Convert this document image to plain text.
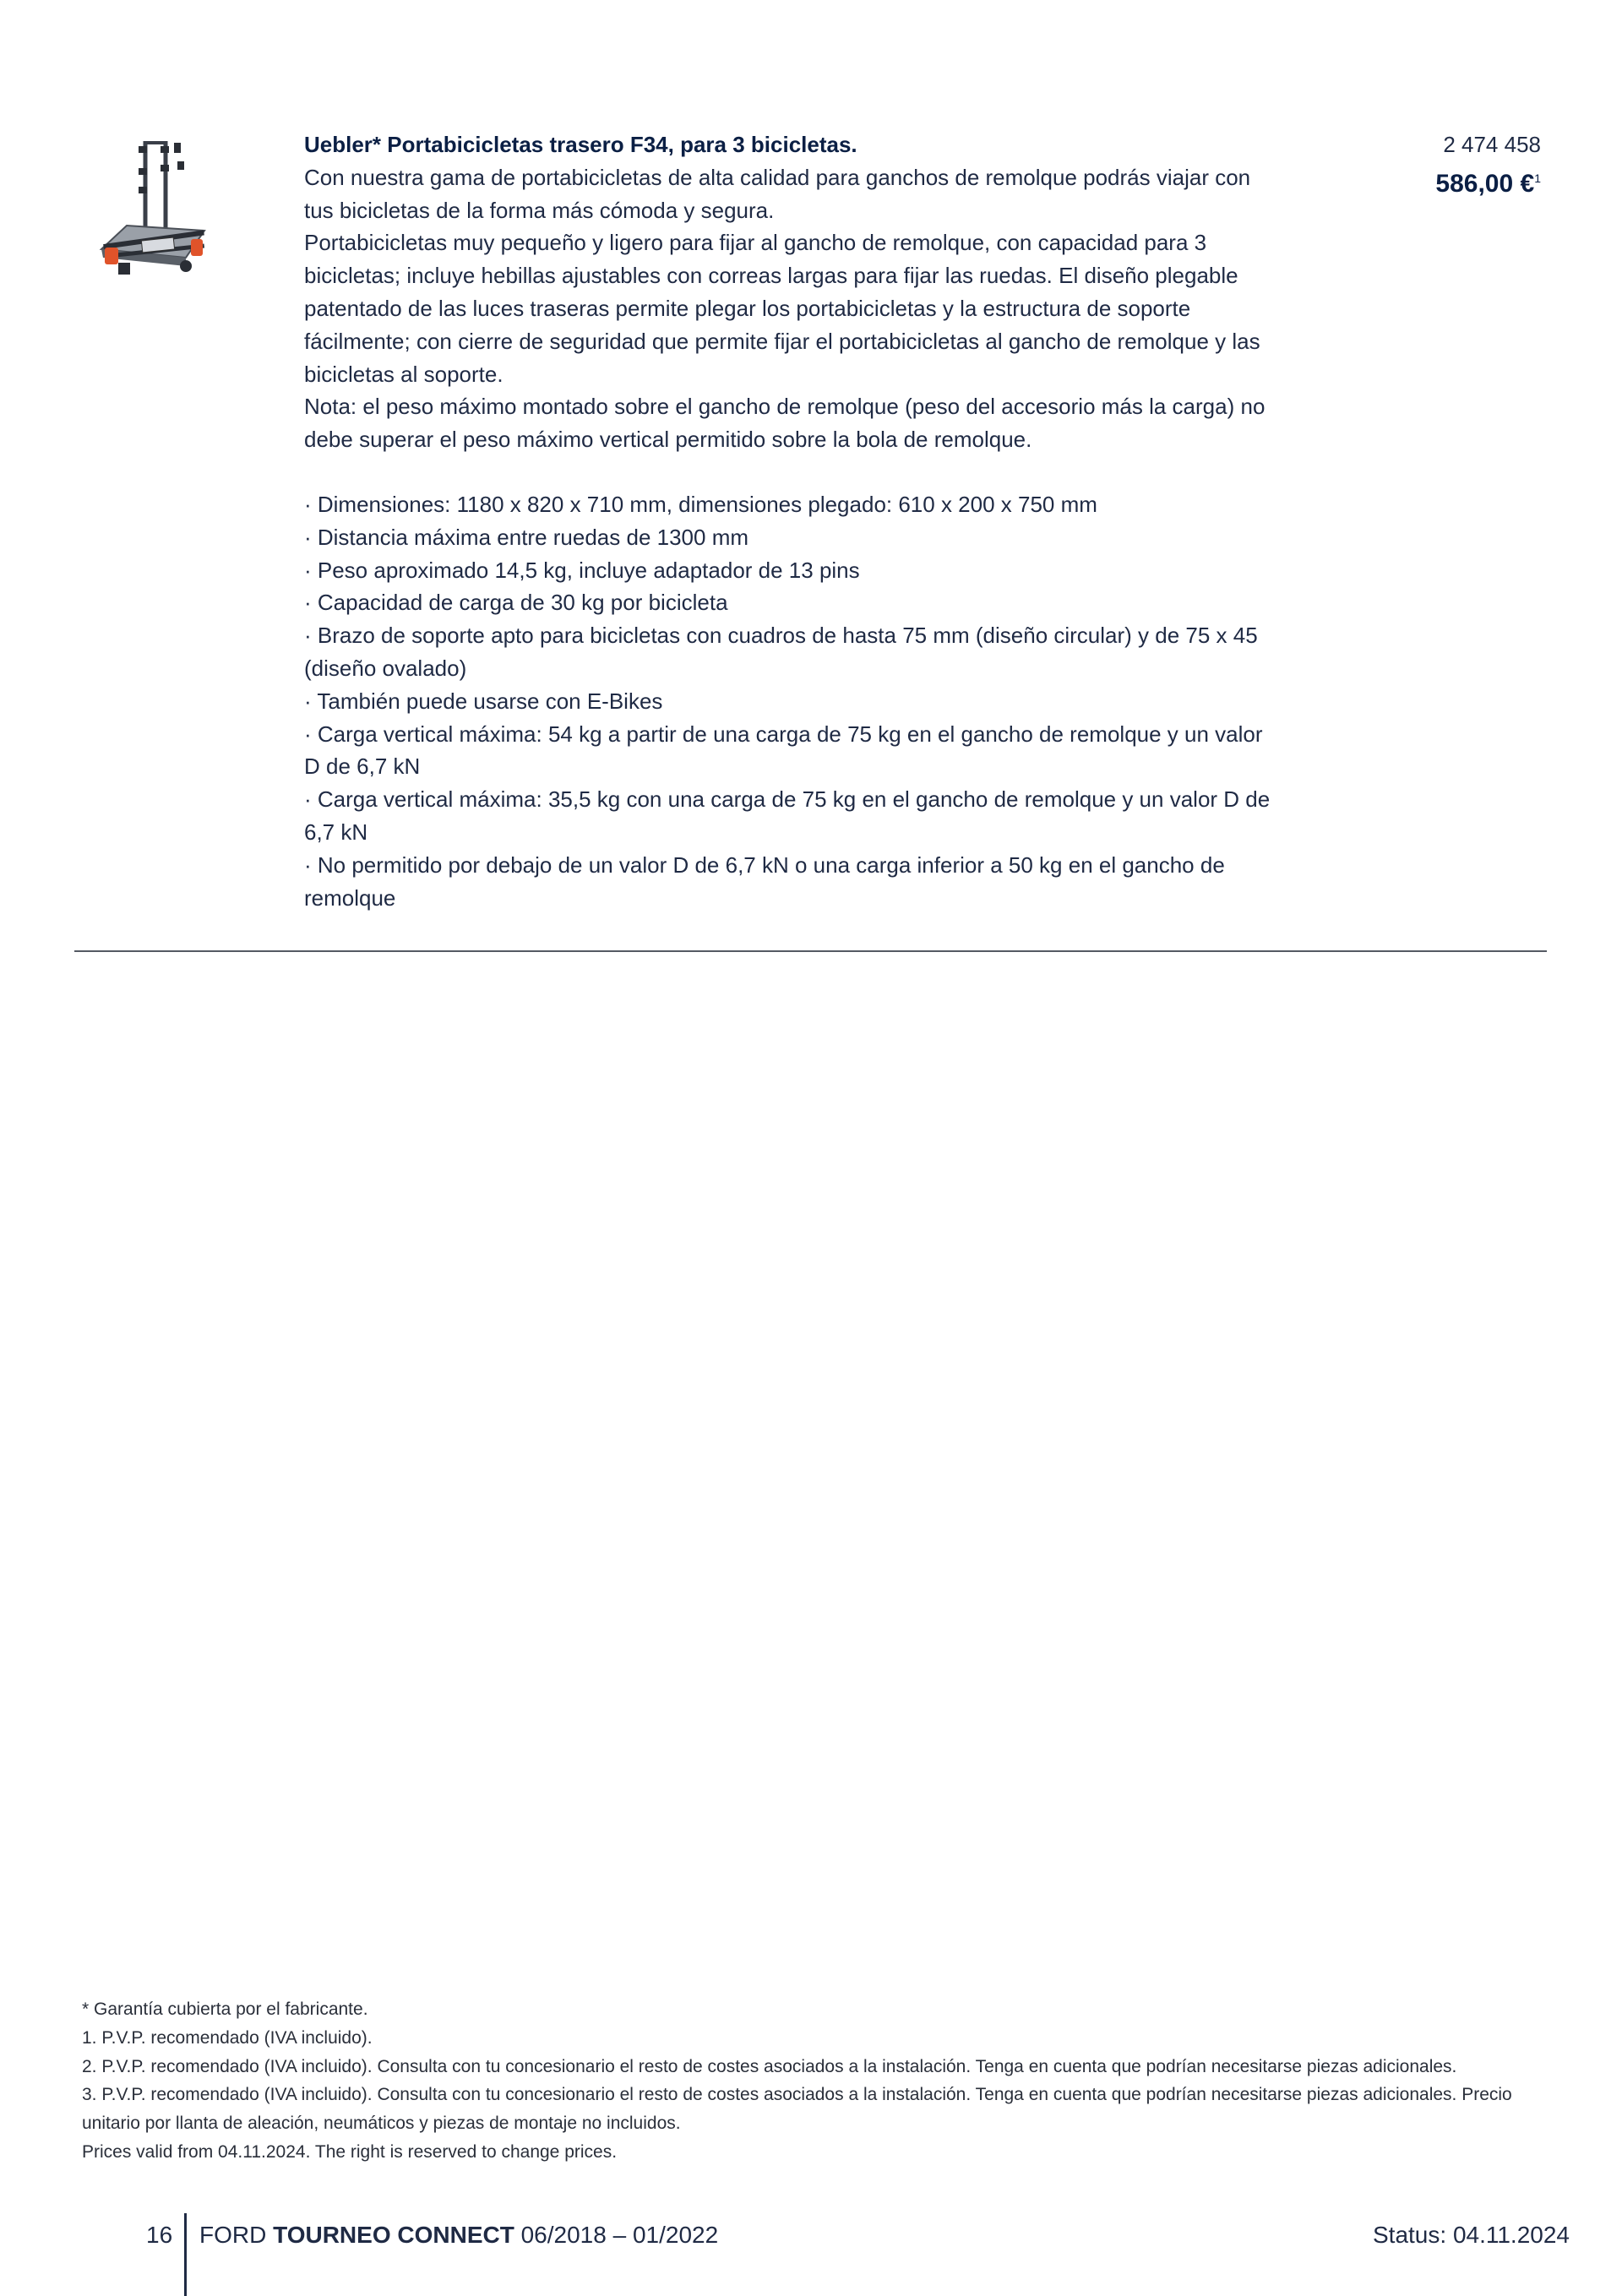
Uebler* Portabicicletas trasero F34, para 3 bicicletas.

Con nuestra gama de portabicicletas de alta calidad para ganchos de remolque podrás viajar con tus bicicletas de la forma más cómoda y segura.

Portabicicletas muy pequeño y ligero para fijar al gancho de remolque, con capacidad para 3 bicicletas; incluye hebillas ajustables con correas largas para fijar las ruedas. El diseño plegable patentado de las luces traseras permite plegar los portabicicletas y la estructura de soporte fácilmente; con cierre de seguridad que permite fijar el portabicicletas al gancho de remolque y las bicicletas al soporte.

Nota: el peso máximo montado sobre el gancho de remolque (peso del accesorio más la carga) no debe superar el peso máximo vertical permitido sobre la bola de remolque.

· Dimensiones: 1180 x 820 x 710 mm, dimensiones plegado: 610 x 200 x 750 mm
· Distancia máxima entre ruedas de 1300 mm
· Peso aproximado 14,5 kg, incluye adaptador de 13 pins
· Capacidad de carga de 30 kg por bicicleta
· Brazo de soporte apto para bicicletas con cuadros de hasta 75 mm (diseño circular) y de 75 x 45 (diseño ovalado)
· También puede usarse con E-Bikes
· Carga vertical máxima: 54 kg a partir de una carga de 75 kg en el gancho de remolque y un valor D de 6,7 kN
· Carga vertical máxima: 35,5 kg con una carga de 75 kg en el gancho de remolque y un valor D de 6,7 kN
· No permitido por debajo de un valor D de 6,7 kN o una carga inferior a 50 kg en el gancho de remolque
2 474 458
586,00 €$^1$

* Garantía cubierta por el fabricante.

1. P.V.P. recomendado (IVA incluido).

2. P.V.P. recomendado (IVA incluido). Consulta con tu concesionario el resto de costes asociados a la instalación. Tenga en cuenta que podrían necesitarse piezas adicionales.

3. P.V.P. recomendado (IVA incluido). Consulta con tu concesionario el resto de costes asociados a la instalación. Tenga en cuenta que podrían necesitarse piezas adicionales. Precio unitario por llanta de aleación, neumáticos y piezas de montaje no incluidos.

Prices valid from 04.11.2024. The right is reserved to change prices.

16 FORD TOURNEO CONNECT 06/2018 – 01/2022	Status: 04.11.2024
